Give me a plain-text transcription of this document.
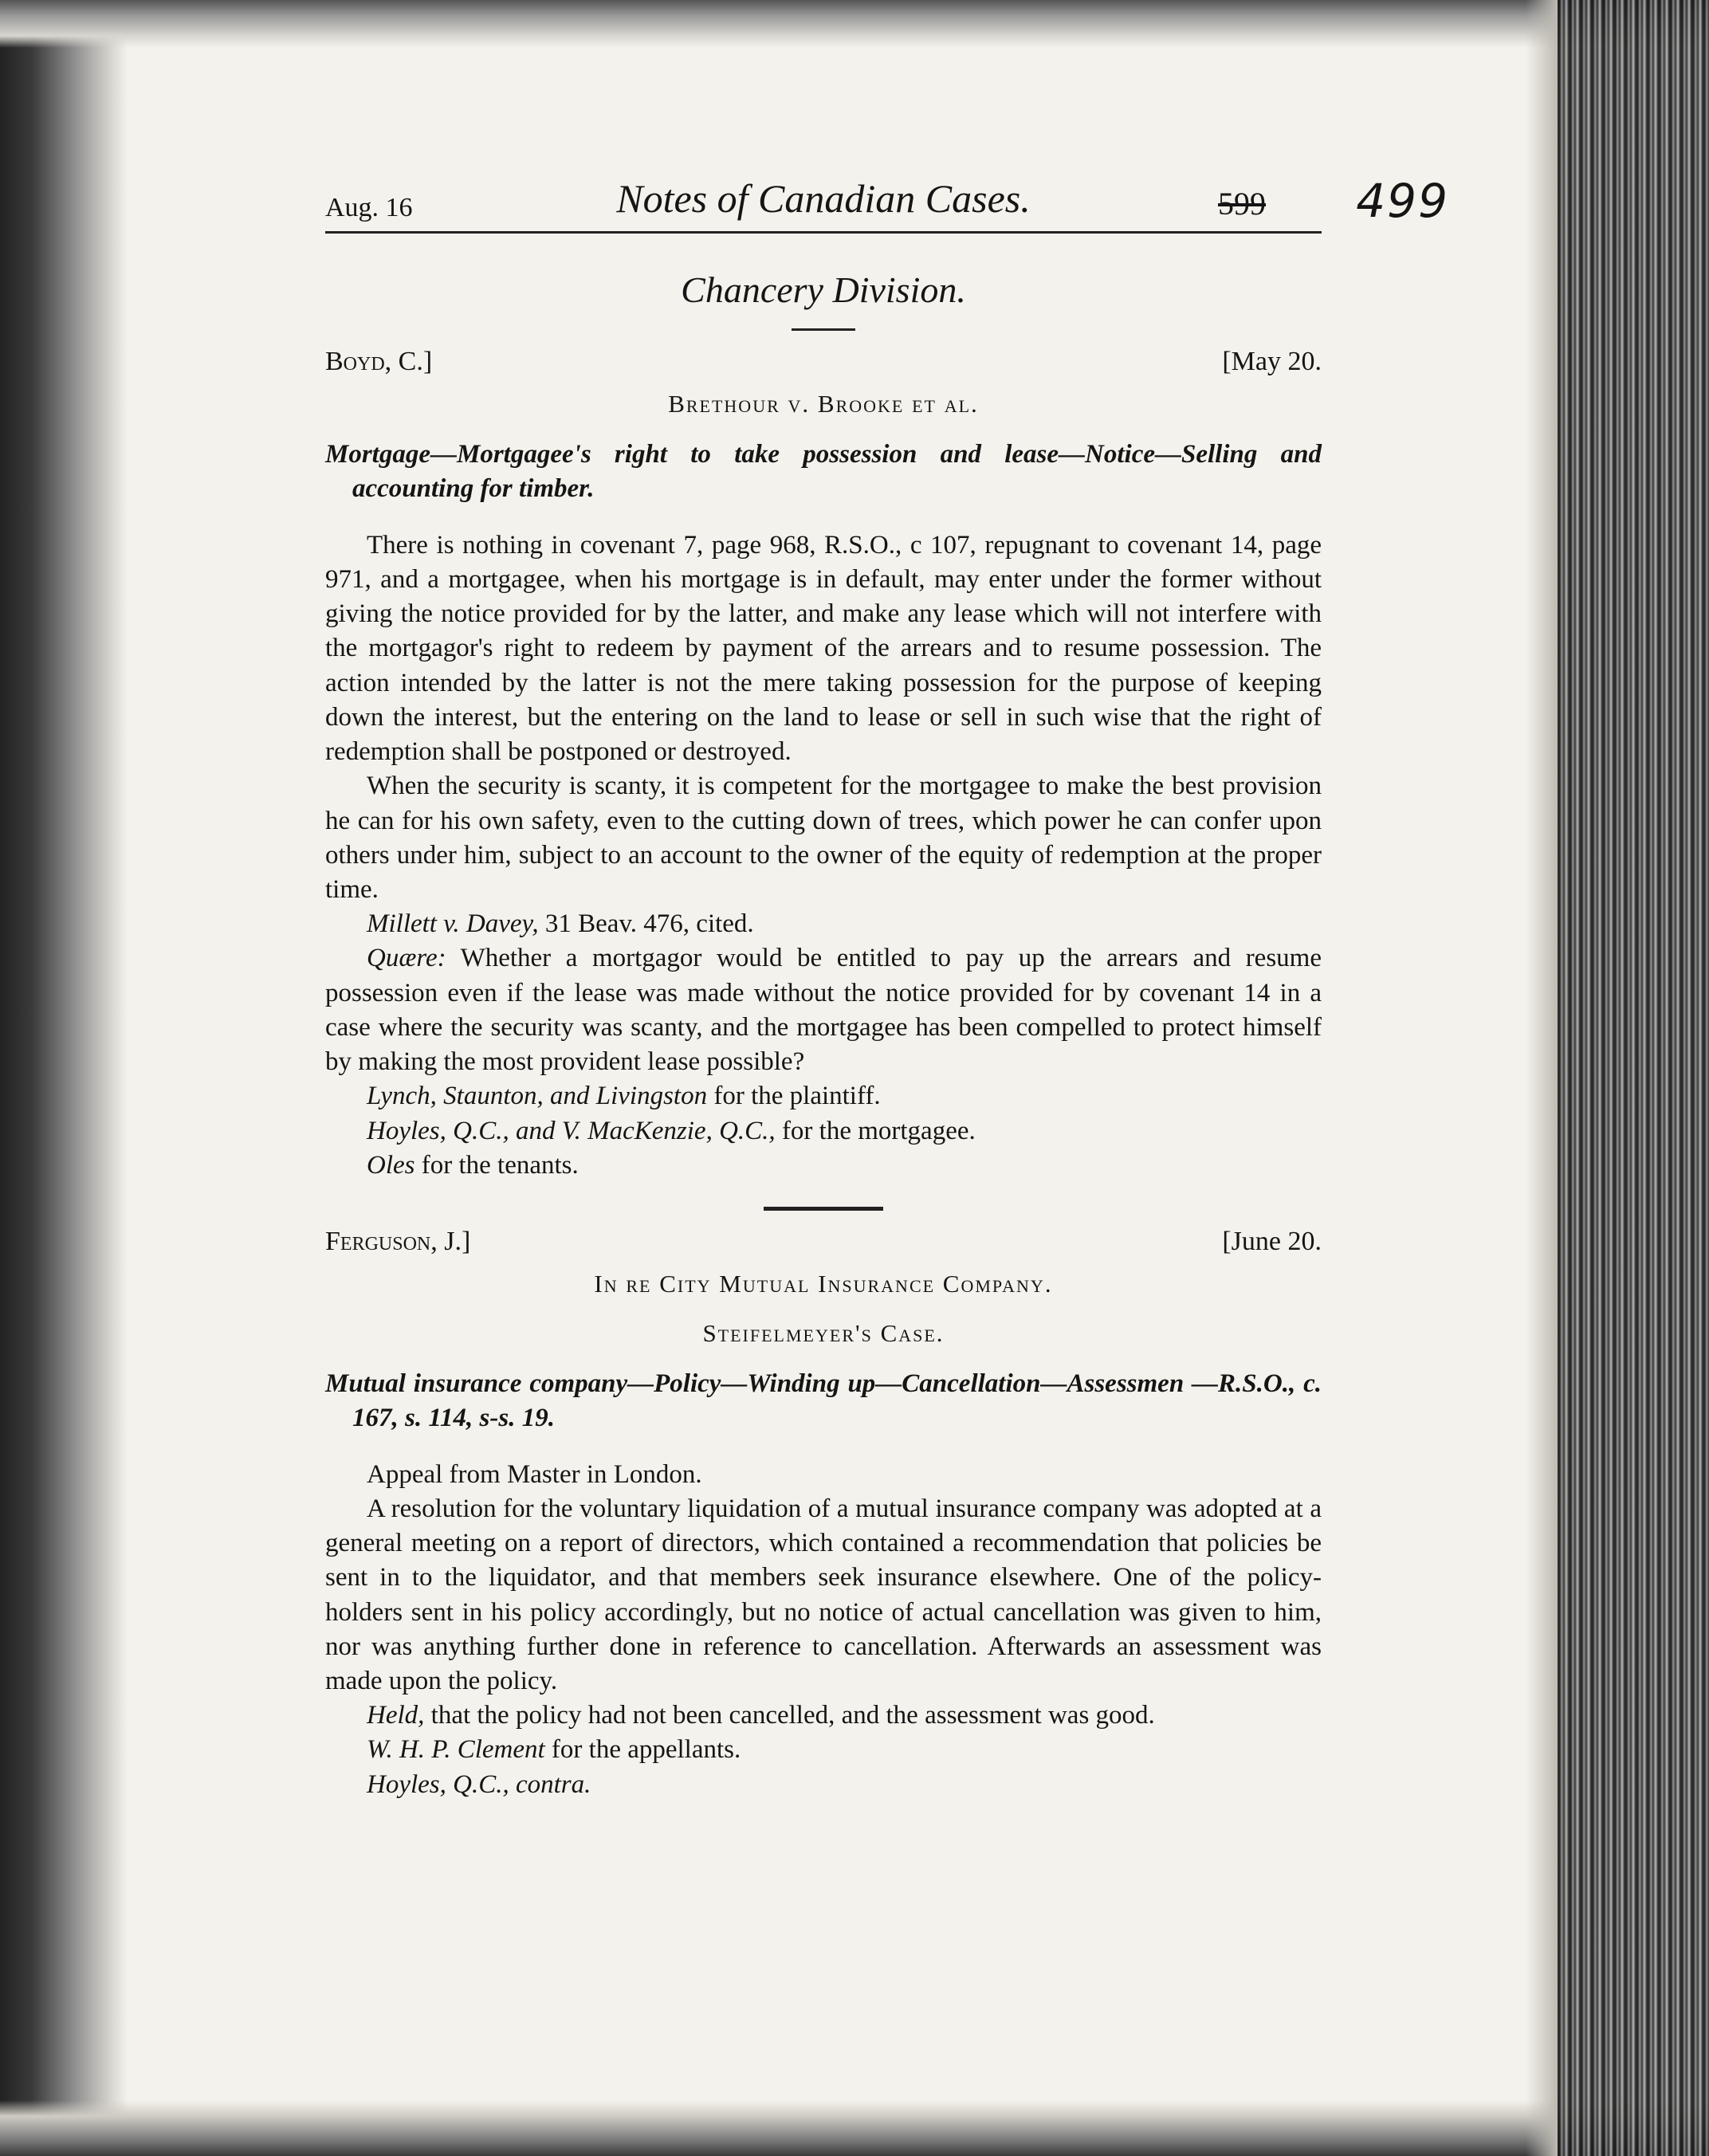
Aug. 16	Notes of Canadian Cases.	599 499
Chancery Division.
Boyd, C.]	[May 20.
Brethour v. Brooke et al.
Mortgage—Mortgagee's right to take possession and lease—Notice—Selling and accounting for timber.

There is nothing in covenant 7, page 968, R.S.O., c 107, repugnant to covenant 14, page 971, and a mortgagee, when his mortgage is in default, may enter under the former without giving the notice provided for by the latter, and make any lease which will not interfere with the mortgagor's right to redeem by payment of the arrears and to resume possession. The action intended by the latter is not the mere taking possession for the purpose of keeping down the interest, but the entering on the land to lease or sell in such wise that the right of redemption shall be postponed or destroyed.

When the security is scanty, it is competent for the mortgagee to make the best provision he can for his own safety, even to the cutting down of trees, which power he can confer upon others under him, subject to an account to the owner of the equity of redemption at the proper time.

Millett v. Davey, 31 Beav. 476, cited.

Quære: Whether a mortgagor would be entitled to pay up the arrears and resume possession even if the lease was made without the notice provided for by covenant 14 in a case where the security was scanty, and the mortgagee has been compelled to protect himself by making the most provident lease possible?

Lynch, Staunton, and Livingston for the plaintiff.
Hoyles, Q.C., and V. MacKenzie, Q.C., for the mortgagee.
Oles for the tenants.
Ferguson, J.]	[June 20.
In re City Mutual Insurance Company.
Steifelmeyer's Case.
Mutual insurance company—Policy—Winding up—Cancellation—Assessmen —R.S.O., c. 167, s. 114, s-s. 19.

Appeal from Master in London.

A resolution for the voluntary liquidation of a mutual insurance company was adopted at a general meeting on a report of directors, which contained a recommendation that policies be sent in to the liquidator, and that members seek insurance elsewhere. One of the policy-holders sent in his policy accordingly, but no notice of actual cancellation was given to him, nor was anything further done in reference to cancellation. Afterwards an assessment was made upon the policy.

Held, that the policy had not been cancelled, and the assessment was good.

W. H. P. Clement for the appellants.
Hoyles, Q.C., contra.
